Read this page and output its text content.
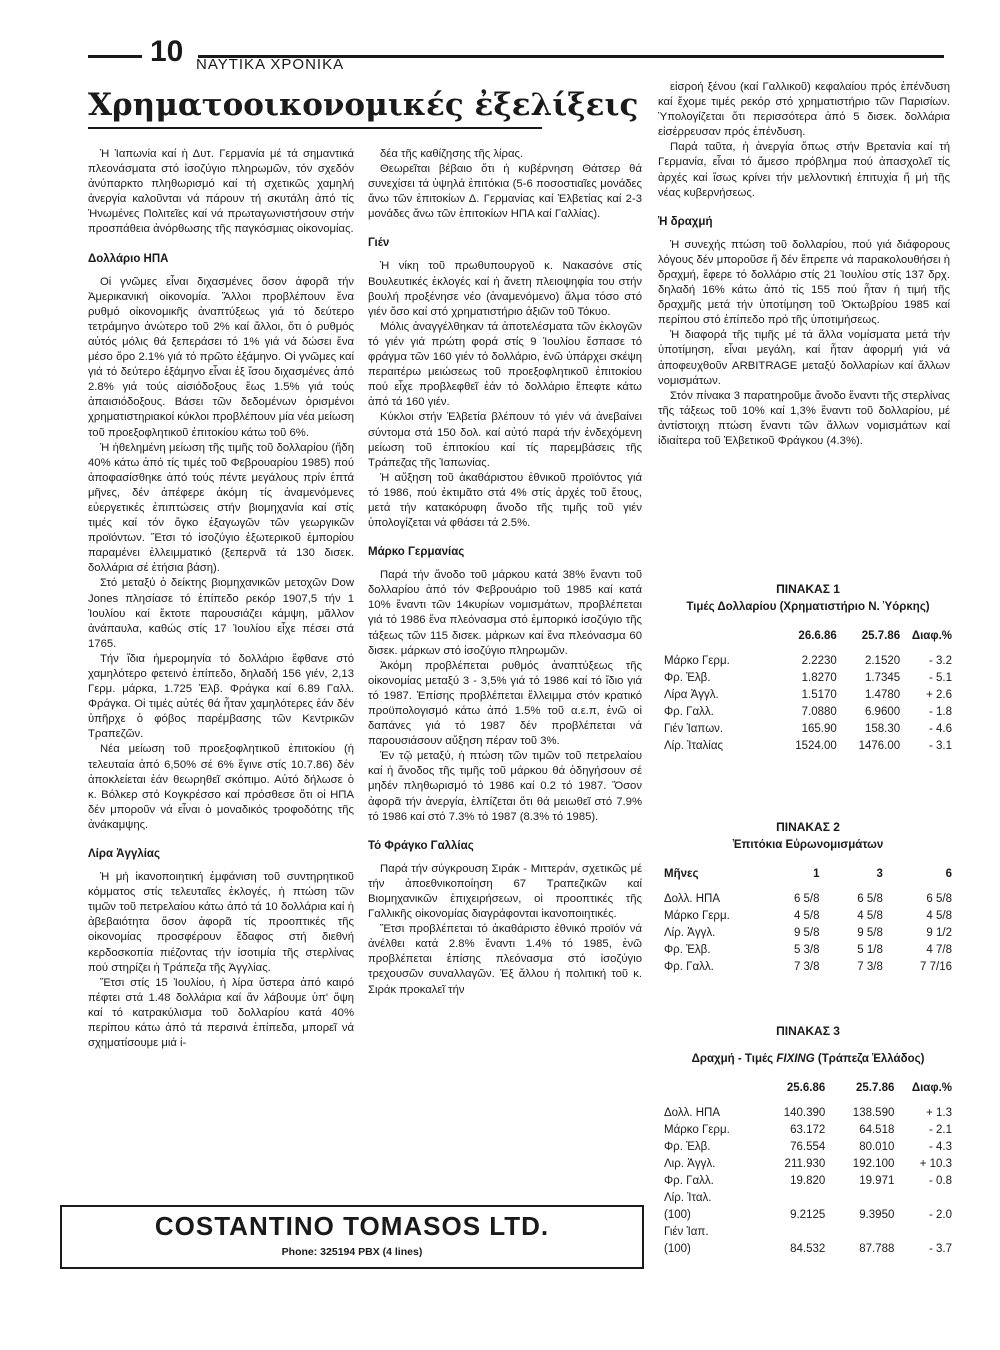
10 ΝΑΥΤΙΚΑ ΧΡΟΝΙΚΑ
Χρηματοοικονομικές ἐξελίξεις

Ἡ Ἰαπωνία καί ἡ Δυτ. Γερμανία μέ τά σημαντικά πλεονάσματα στό ἰσοζύγιο πληρωμῶν, τόν σχεδόν ἀνύπαρκτο πληθωρισμό καί τή σχετικῶς χαμηλή ἀνεργία καλοῦνται νά πάρουν τή σκυτάλη ἀπό τίς Ἡνωμένες Πολιτεῖες καί νά πρωταγωνιστήσουν στήν προσπάθεια ἀνόρθωσης τῆς παγκόσμιας οἰκονομίας.

Δολλάριο ΗΠΑ

Οἱ γνῶμες εἶναι διχασμένες ὅσον ἀφορᾶ τήν Ἀμερικανική οἰκονομία. Ἄλλοι προβλέπουν ἕνα ρυθμό οἰκονομικῆς ἀναπτύξεως γιά τό δεύτερο τετράμηνο ἀνώτερο τοῦ 2% καί ἄλλοι, ὅτι ὁ ρυθμός αὐτός μόλις θά ξεπεράσει τό 1% γιά νά δώσει ἕνα μέσο ὅρο 2.1% γιά τό πρῶτο ἑξάμηνο. Οἱ γνῶμες καί γιά τό δεύτερο ἑξάμηνο εἶναι ἐξ ἴσου διχασμένες ἀπό 2.8% γιά τούς αἰσιόδοξους ἕως 1.5% γιά τούς ἀπαισιόδοξους. Βάσει τῶν δεδομένων ὁρισμένοι χρηματιστηριακοί κύκλοι προβλέπουν μία νέα μείωση τοῦ προεξοφλητικοῦ ἐπιτοκίου κάτω τοῦ 6%.

Ἡ ἠθελημένη μείωση τῆς τιμῆς τοῦ δολλαρίου (ἤδη 40% κάτω ἀπό τίς τιμές τοῦ Φεβρουαρίου 1985) πού ἀποφασίσθηκε ἀπό τούς πέντε μεγάλους πρίν ἑπτά μῆνες, δέν ἀπέφερε ἀκόμη τίς ἀναμενόμενες εὐεργετικές ἐπιπτώσεις στήν βιομηχανία καί στίς τιμές καί τόν ὄγκο ἐξαγωγῶν τῶν γεωργικῶν προϊόντων. Ἔτσι τό ἰσοζύγιο ἐξωτερικοῦ ἐμπορίου παραμένει ἐλλειμματικό (ξεπερνᾶ τά 130 δισεκ. δολλάρια σέ ἐτήσια βάση).

Στό μεταξύ ὁ δείκτης βιομηχανικῶν μετοχῶν Dow Jones πλησίασε τό ἐπίπεδο ρεκόρ 1907,5 τήν 1 Ἰουλίου καί ἔκτοτε παρουσιάζει κάμψη, μᾶλλον ἀνάπαυλα, καθώς στίς 17 Ἰουλίου εἶχε πέσει στά 1765.

Τήν ἴδια ἡμερομηνία τό δολλάριο ἔφθανε στό χαμηλότερο φετεινό ἐπίπεδο, δηλαδή 156 γιέν, 2,13 Γερμ. μάρκα, 1.725 Ἐλβ. Φράγκα καί 6.89 Γαλλ. Φράγκα. Οἱ τιμές αὐτές θά ἦταν χαμηλότερες ἐάν δέν ὑπῆρχε ὁ φόβος παρέμβασης τῶν Κεντρικῶν Τραπεζῶν.

Νέα μείωση τοῦ προεξοφλητικοῦ ἐπιτοκίου (ἡ τελευταία ἀπό 6,50% σέ 6% ἔγινε στίς 10.7.86) δέν ἀποκλείεται ἐάν θεωρηθεῖ σκόπιμο. Αὐτό δήλωσε ὁ κ. Βόλκερ στό Κογκρέσσο καί πρόσθεσε ὅτι οἱ ΗΠΑ δέν μποροῦν νά εἶναι ὁ μοναδικός τροφοδότης τῆς ἀνάκαμψης.

Λίρα Ἀγγλίας

Ἡ μή ἱκανοποιητική ἐμφάνιση τοῦ συντηρητικοῦ κόμματος στίς τελευταῖες ἐκλογές, ἡ πτώση τῶν τιμῶν τοῦ πετρελαίου κάτω ἀπό τά 10 δολλάρια καί ἡ ἀβεβαιότητα ὅσον ἀφορᾶ τίς προοπτικές τῆς οἰκονομίας προσφέρουν ἔδαφος στή διεθνή κερδοσκοπία πιέζοντας τήν ἰσοτιμία τῆς στερλίνας πού στηρίζει ἡ Τράπεζα τῆς Ἀγγλίας.

Ἔτσι στίς 15 Ἰουλίου, ἡ λίρα ὕστερα ἀπό καιρό πέφτει στά 1.48 δολλάρια καί ἄν λάβουμε ὑπ' ὄψη καί τό κατρακύλισμα τοῦ δολλαρίου κατά 40% περίπου κάτω ἀπό τά περσινά ἐπίπεδα, μπορεῖ νά σχηματίσουμε μιά ἰ-

δέα τῆς καθίζησης τῆς λίρας.

Θεωρεῖται βέβαιο ὅτι ἡ κυβέρνηση Θάτσερ θά συνεχίσει τά ὑψηλά ἐπιτόκια (5-6 ποσοστιαῖες μονάδες ἄνω τῶν ἐπιτοκίων Δ. Γερμανίας καί Ἐλβετίας καί 2-3 μονάδες ἄνω τῶν ἐπιτοκίων ΗΠΑ καί Γαλλίας).

Γιέν

Ἡ νίκη τοῦ πρωθυπουργοῦ κ. Νακασόνε στίς Βουλευτικές ἐκλογές καί ἡ ἄνετη πλειοψηφία του στήν βουλή προξένησε νέο (ἀναμενόμενο) ἅλμα τόσο στό γιέν ὅσο καί στό χρηματιστήριο ἀξιῶν τοῦ Τόκυο.

Μόλις ἀναγγέλθηκαν τά ἀποτελέσματα τῶν ἐκλογῶν τό γιέν γιά πρώτη φορά στίς 9 Ἰουλίου ἔσπασε τό φράγμα τῶν 160 γιέν τό δολλάριο, ἐνῶ ὑπάρχει σκέψη περαιτέρω μειώσεως τοῦ προεξοφλητικοῦ ἐπιτοκίου πού εἶχε προβλεφθεῖ ἐάν τό δολλάριο ἔπεφτε κάτω ἀπό τά 160 γιέν.

Κύκλοι στήν Ἐλβετία βλέπουν τό γιέν νά ἀνεβαίνει σύντομα στά 150 δολ. καί αὐτό παρά τήν ἐνδεχόμενη μείωση τοῦ ἐπιτοκίου καί τίς παρεμβάσεις τῆς Τράπεζας τῆς Ἰαπωνίας.

Ἡ αὔξηση τοῦ ἀκαθάριστου ἐθνικοῦ προϊόντος γιά τό 1986, πού ἐκτιμᾶτο στά 4% στίς ἀρχές τοῦ ἔτους, μετά τήν κατακόρυφη ἄνοδο τῆς τιμῆς τοῦ γιέν ὑπολογίζεται νά φθάσει τά 2.5%.

Μάρκο Γερμανίας

Παρά τήν ἄνοδο τοῦ μάρκου κατά 38% ἔναντι τοῦ δολλαρίου ἀπό τόν Φεβρουάριο τοῦ 1985 καί κατά 10% ἔναντι τῶν 14κυρίων νομισμάτων, προβλέπεται γιά τό 1986 ἕνα πλεόνασμα στό ἐμπορικό ἰσοζύγιο τῆς τάξεως τῶν 115 δισεκ. μάρκων καί ἕνα πλεόνασμα 60 δισεκ. μάρκων στό ἰσοζύγιο πληρωμῶν.

Ἀκόμη προβλέπεται ρυθμός ἀναπτύξεως τῆς οἰκονομίας μεταξύ 3 - 3,5% γιά τό 1986 καί τό ἴδιο γιά τό 1987. Ἐπίσης προβλέπεται ἔλλειμμα στόν κρατικό προϋπολογισμό κάτω ἀπό 1.5% τοῦ α.ε.π, ἐνῶ οἱ δαπάνες γιά τό 1987 δέν προβλέπεται νά παρουσιάσουν αὔξηση πέραν τοῦ 3%.

Ἐν τῷ μεταξύ, ἡ πτώση τῶν τιμῶν τοῦ πετρελαίου καί ἡ ἄνοδος τῆς τιμῆς τοῦ μάρκου θά ὁδηγήσουν σέ μηδέν πληθωρισμό τό 1986 καί 0.2 τό 1987. Ὅσον ἀφορᾶ τήν ἀνεργία, ἐλπίζεται ὅτι θά μειωθεῖ στό 7.9% τό 1986 καί στό 7.3% τό 1987 (8.3% τό 1985).

Τό Φράγκο Γαλλίας

Παρά τήν σύγκρουση Σιράκ - Μιττεράν, σχετικῶς μέ τήν ἀποεθνικοποίηση 67 Τραπεζικῶν καί Βιομηχανικῶν ἐπιχειρήσεων, οἱ προοπτικές τῆς Γαλλικῆς οἰκονομίας διαγράφονται ἱκανοποιητικές.

Ἔτσι προβλέπεται τό ἀκαθάριστο ἐθνικό προϊόν νά ἀνέλθει κατά 2.8% ἔναντι 1.4% τό 1985, ἐνῶ προβλέπεται ἐπίσης πλεόνασμα στό ἰσοζύγιο τρεχουσῶν συναλλαγῶν. Ἐξ ἄλλου ἡ πολιτική τοῦ κ. Σιράκ προκαλεῖ τήν

εἰσροή ξένου (καί Γαλλικοῦ) κεφαλαίου πρός ἐπένδυση καί ἔχομε τιμές ρεκόρ στό χρηματιστήριο τῶν Παρισίων. Ὑπολογίζεται ὅτι περισσότερα ἀπό 5 δισεκ. δολλάρια εἰσέρρευσαν πρός ἐπένδυση.

Παρά ταῦτα, ἡ ἀνεργία ὅπως στήν Βρετανία καί τή Γερμανία, εἶναι τό ἄμεσο πρόβλημα πού ἀπασχολεῖ τίς ἀρχές καί ἴσως κρίνει τήν μελλοντική ἐπιτυχία ἤ μή τῆς νέας κυβερνήσεως.

Ἡ δραχμή

Ἡ συνεχής πτώση τοῦ δολλαρίου, πού γιά διάφορους λόγους δέν μποροῦσε ἤ δέν ἔπρεπε νά παρακολουθήσει ἡ δραχμή, ἔφερε τό δολλάριο στίς 21 Ἰουλίου στίς 137 δρχ. δηλαδή 16% κάτω ἀπό τίς 155 πού ἦταν ἡ τιμή τῆς δραχμῆς μετά τήν ὑποτίμηση τοῦ Ὀκτωβρίου 1985 καί περίπου στό ἐπίπεδο πρό τῆς ὑποτιμήσεως.

Ἡ διαφορά τῆς τιμῆς μέ τά ἄλλα νομίσματα μετά τήν ὑποτίμηση, εἶναι μεγάλη, καί ἦταν ἀφορμή γιά νά ἀποφευχθοῦν ARBITRAGE μεταξύ δολλαρίων καί ἄλλων νομισμάτων.

Στόν πίνακα 3 παρατηροῦμε ἄνοδο ἔναντι τῆς στερλίνας τῆς τάξεως τοῦ 10% καί 1,3% ἔναντι τοῦ δολλαρίου, μέ ἀντίστοιχη πτώση ἔναντι τῶν ἄλλων νομισμάτων καί ἰδιαίτερα τοῦ Ἐλβετικοῦ Φράγκου (4.3%).

ΠΙΝΑΚΑΣ 1

Τιμές Δολλαρίου (Χρηματιστήριο Ν. Ὑόρκης)

	26.6.86	25.7.86	Διαφ.%

Μάρκο Γερμ.	2.2230	2.1520	- 3.2
Φρ. Ἐλβ.	1.8270	1.7345	- 5.1
Λίρα Ἀγγλ.	1.5170	1.4780	+ 2.6
Φρ. Γαλλ.	7.0880	6.9600	- 1.8
Γιέν Ἰαπων.	165.90	158.30	- 4.6
Λίρ. Ἰταλίας	1524.00	1476.00	- 3.1

ΠΙΝΑΚΑΣ 2

Ἐπιτόκια Εὐρωνομισμάτων

Μῆνες	1	3	6

Δολλ. ΗΠΑ	6 5/8	6 5/8	6 5/8
Μάρκο Γερμ.	4 5/8	4 5/8	4 5/8
Λίρ. Ἀγγλ.	9 5/8	9 5/8	9 1/2
Φρ. Ἐλβ.	5 3/8	5 1/8	4 7/8
Φρ. Γαλλ.	7 3/8	7 3/8	7 7/16

ΠΙΝΑΚΑΣ 3

Δραχμή - Τιμές FIXING (Τράπεζα Ἑλλάδος)

	25.6.86	25.7.86	Διαφ.%

Δολλ. ΗΠΑ	140.390	138.590	+ 1.3
Μάρκο Γερμ.	63.172	64.518	- 2.1
Φρ. Ἐλβ.	76.554	80.010	- 4.3
Λιρ. Ἀγγλ.	211.930	192.100	+ 10.3
Φρ. Γαλλ.	19.820	19.971	- 0.8
Λίρ. Ἰταλ.			
(100)	9.2125	9.3950	- 2.0
Γιέν Ἰαπ.			
(100)	84.532	87.788	- 3.7
COSTANTINO TOMASOS LTD.
Phone: 325194 PBX (4 lines)
